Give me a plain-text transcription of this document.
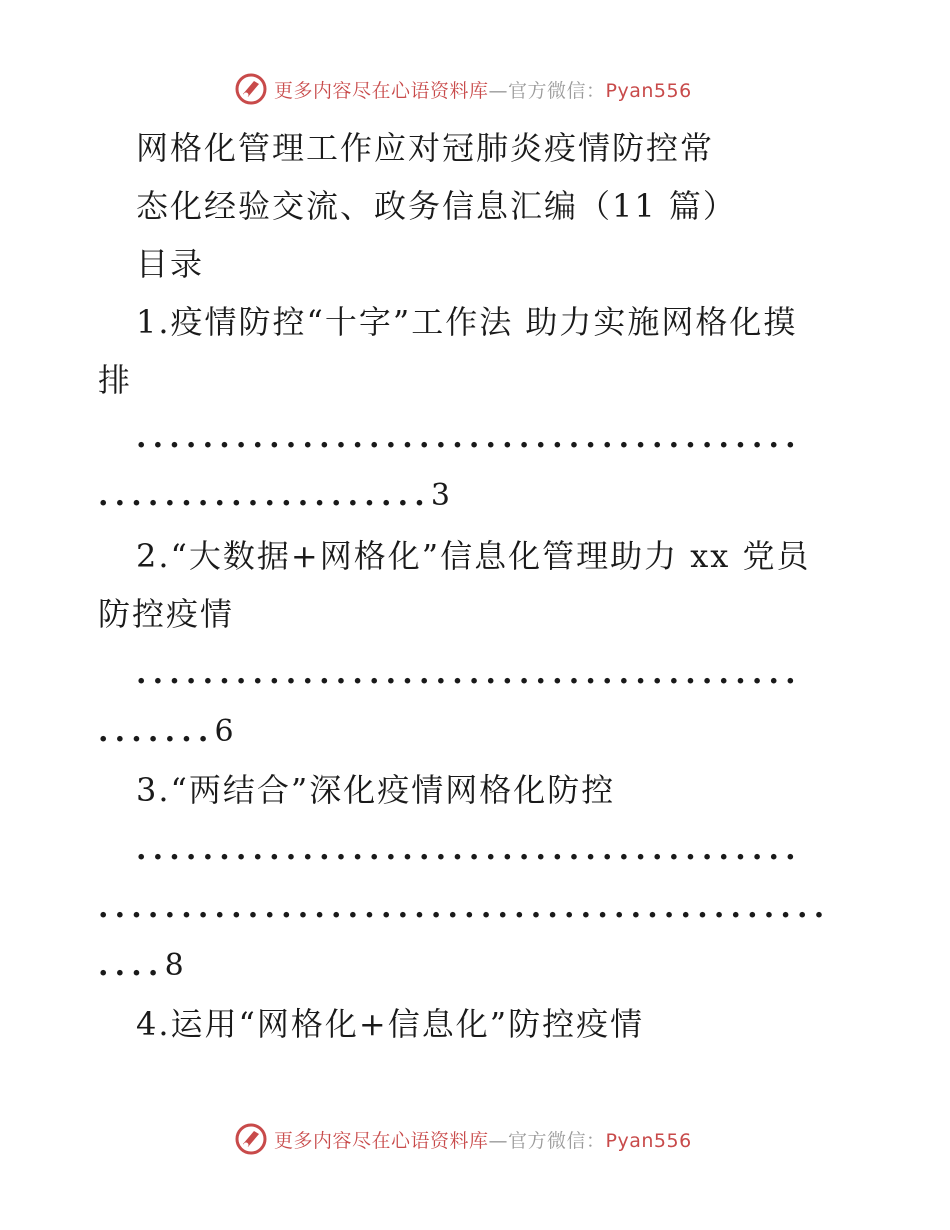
更多内容尽在心语资料库—官方微信：Pyan556
网格化管理工作应对冠肺炎疫情防控常
态化经验交流、政务信息汇编（11 篇）
目录
1.疫情防控“十字”工作法 助力实施网格化摸
排
........................................
....................3
2.“大数据+网格化”信息化管理助力 xx 党员
防控疫情
........................................
.......6
3.“两结合”深化疫情网格化防控
........................................
............................................
....8
4.运用“网格化+信息化”防控疫情
更多内容尽在心语资料库—官方微信：Pyan556
